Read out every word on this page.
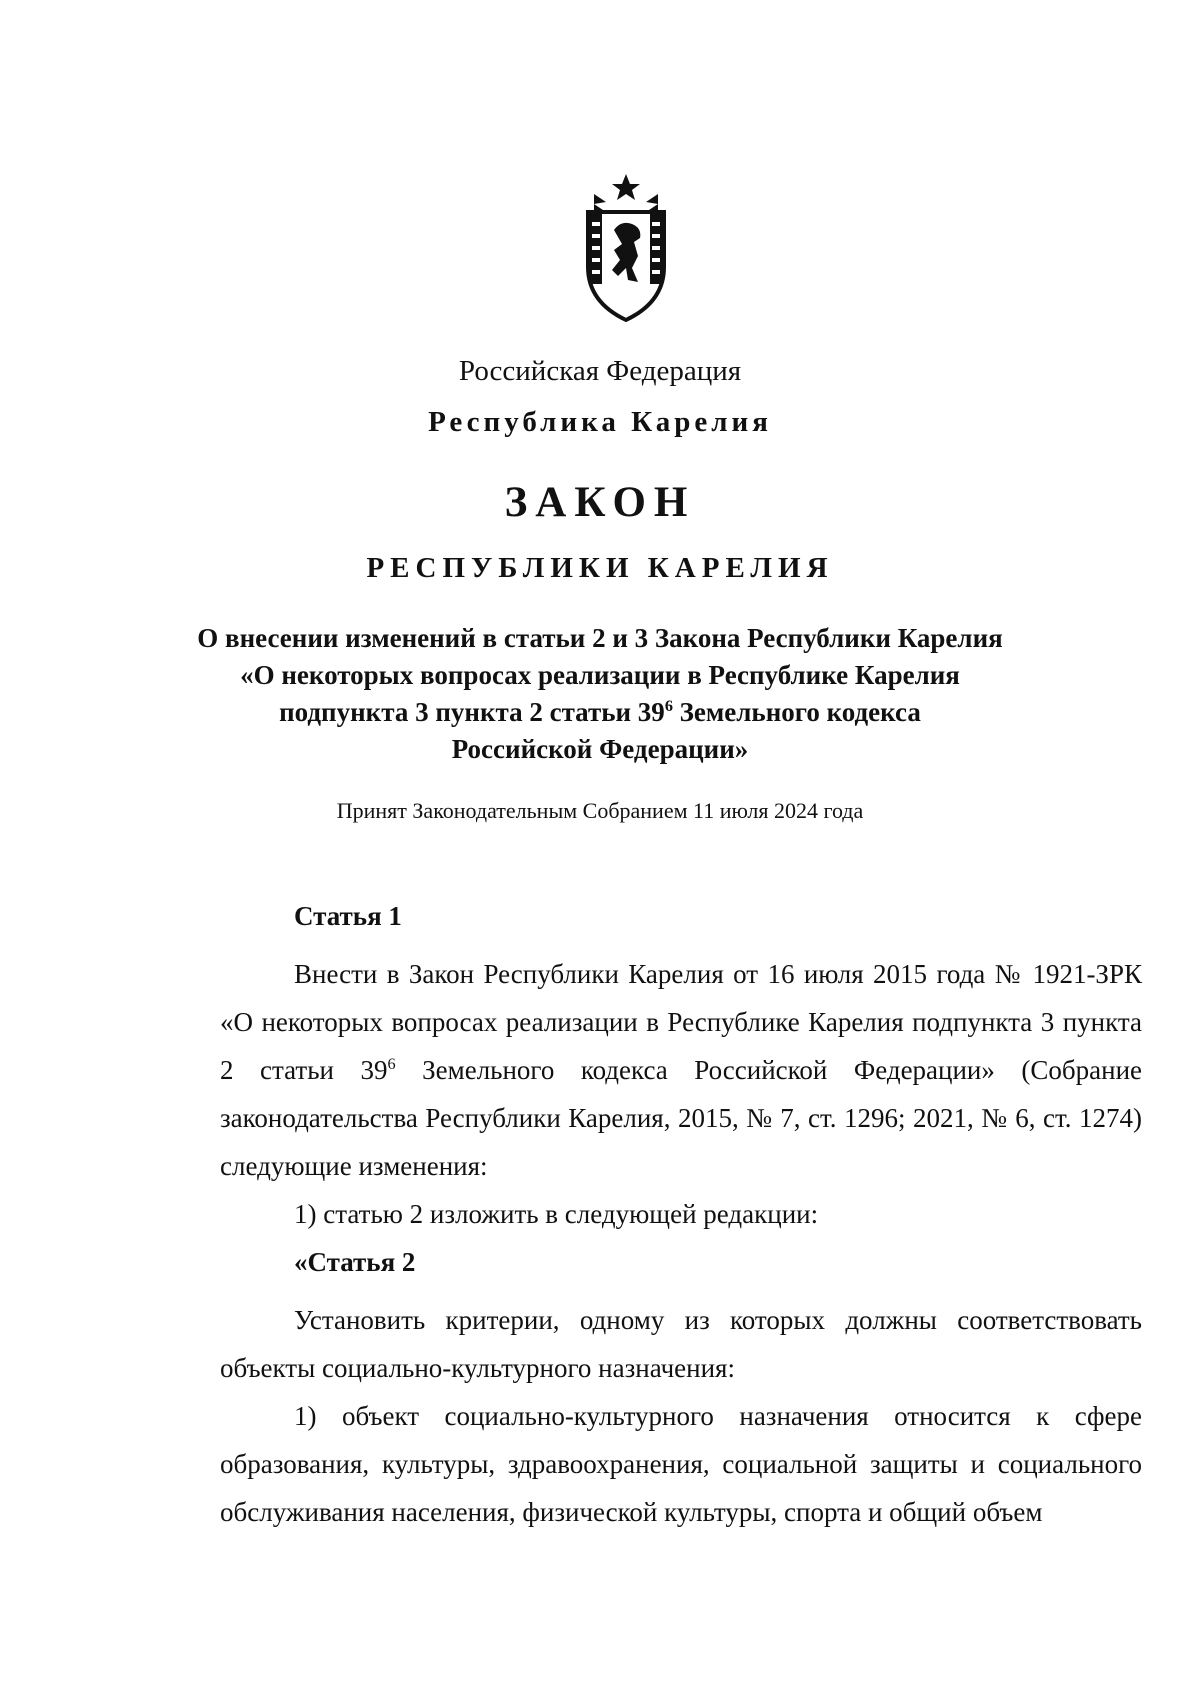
Российская Федерация
Республика Карелия
ЗАКОН
РЕСПУБЛИКИ КАРЕЛИЯ
О внесении изменений в статьи 2 и 3 Закона Республики Карелия
«О некоторых вопросах реализации в Республике Карелия
подпункта 3 пункта 2 статьи $39^6$ Земельного кодекса
Российской Федерации»
Принят Законодательным Собранием 11 июля 2024 года

Статья 1

Внести в Закон Республики Карелия от 16 июля 2015 года № 1921-ЗРК «О некоторых вопросах реализации в Республике Карелия подпункта 3 пункта 2 статьи $39^6$ Земельного кодекса Российской Федерации» (Собрание законодательства Республики Карелия, 2015, № 7, ст. 1296; 2021, № 6, ст. 1274) следующие изменения:

1) статью 2 изложить в следующей редакции:

«Статья 2

Установить критерии, одному из которых должны соответствовать объекты социально-культурного назначения:

1) объект социально-культурного назначения относится к сфере образования, культуры, здравоохранения, социальной защиты и социального обслуживания населения, физической культуры, спорта и общий объем
